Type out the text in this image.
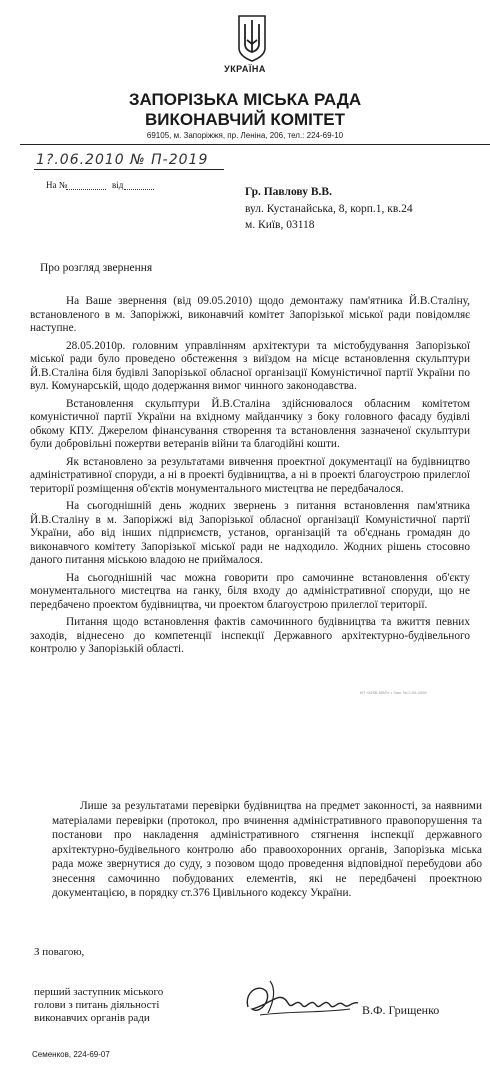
УКРАЇНА
ЗАПОРІЗЬКА МІСЬКА РАДА
ВИКОНАВЧИЙ КОМІТЕТ
69105, м. Запоріжжя, пр. Леніна, 206, тел.: 224-69-10
1?.06.2010 № П-2019
На №	від
Гр. Павлову В.В.
вул. Кустанайська, 8, корп.1, кв.24
м. Київ, 03118
Про розгляд звернення

На Ваше звернення (від 09.05.2010) щодо демонтажу пам'ятника Й.В.Сталіну, встановленого в м. Запоріжжі, виконавчий комітет Запорізької міської ради повідомляє наступне.

28.05.2010р. головним управлінням архітектури та містобудування Запорізької міської ради було проведено обстеження з виїздом на місце встановлення скульптури Й.В.Сталіна біля будівлі Запорізької обласної організації Комуністичної партії України по вул. Комунарській, щодо додержання вимог чинного законодавства.

Встановлення скульптури Й.В.Сталіна здійснювалося обласним комітетом комуністичної партії України на вхідному майданчику з боку головного фасаду будівлі обкому КПУ. Джерелом фінансування створення та встановлення зазначеної скульптури були добровільні пожертви ветеранів війни та благодійні кошти.

Як встановлено за результатами вивчення проектної документації на будівництво адміністративної споруди, а ні в проекті будівництва, а ні в проекті благоустрою прилеглої території розміщення об'єктів монументального мистецтва не передбачалося.

На сьогоднішній день жодних звернень з питання встановлення пам'ятника Й.В.Сталіну в м. Запоріжжі від Запорізької обласної організації Комуністичної партії України, або від інших підприємств, установ, організацій та об'єднань громадян до виконавчого комітету Запорізької міської ради не надходило. Жодних рішень стосовно даного питання міською владою не приймалося.

На сьогоднішній час можна говорити про самочинне встановлення об'єкту монументального мистецтва на ганку, біля входу до адміністративної споруди, що не передбачено проектом будівництва, чи проектом благоустрою прилеглої території.

Питання щодо встановлення фактів самочинного будівництва та вжиття певних заходів, віднесено до компетенції інспекції Державного архітектурно-будівельного контролю у Запорізькій області.

КП «КИЇВ МВП» • Зам. № 2-09-2008

Лише за результатами перевірки будівництва на предмет законності, за наявними матеріалами перевірки (протокол, про вчинення адміністративного правопорушення та постанови про накладення адміністративного стягнення інспекції державного архітектурно-будівельного контролю або правоохоронних органів, Запорізька міська рада може звернутися до суду, з позовом щодо проведення відповідної перебудови або знесення самочинно побудованих елементів, які не передбачені проектною документацією, в порядку ст.376 Цивільного кодексу України.

З повагою,
перший заступник міського
голови з питань діяльності
виконавчих органів ради
В.Ф. Грищенко
Семенков, 224-69-07
